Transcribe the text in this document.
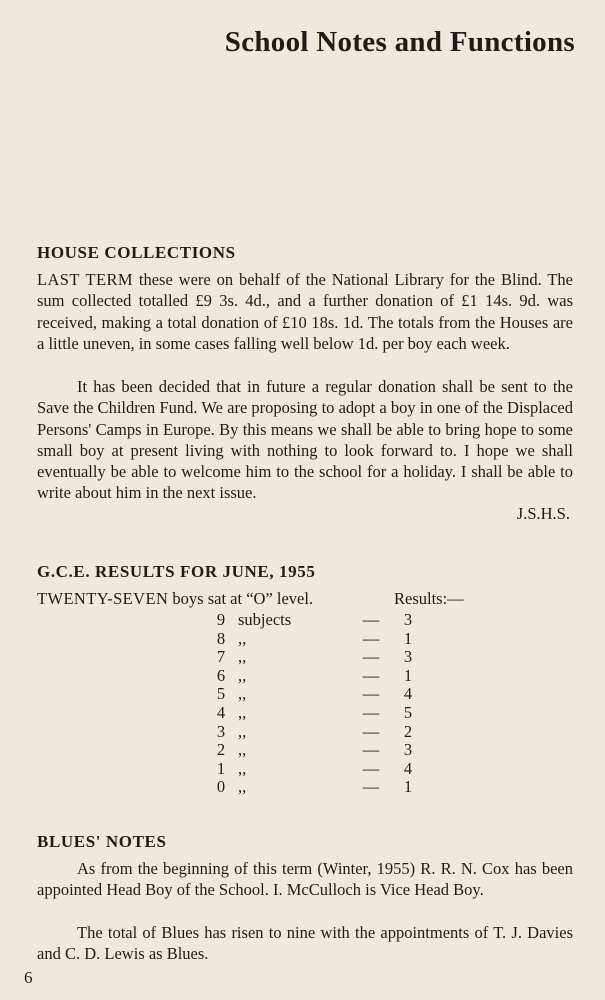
School Notes and Functions
HOUSE COLLECTIONS

LAST TERM these were on behalf of the National Library for the Blind. The sum collected totalled £9 3s. 4d., and a further donation of £1 14s. 9d. was received, making a total donation of £10 18s. 1d. The totals from the Houses are a little uneven, in some cases falling well below 1d. per boy each week.

It has been decided that in future a regular donation shall be sent to the Save the Children Fund. We are proposing to adopt a boy in one of the Displaced Persons' Camps in Europe. By this means we shall be able to bring hope to some small boy at present living with nothing to look forward to. I hope we shall eventually be able to welcome him to the school for a holiday. I shall be able to write about him in the next issue.

J.S.H.S.

G.C.E. RESULTS FOR JUNE, 1955

TWENTY-SEVEN boys sat at “O” level.	Results:—

9	subjects	—	3
8	,,	—	1
7	,,	—	3
6	,,	—	1
5	,,	—	4
4	,,	—	5
3	,,	—	2
2	,,	—	3
1	,,	—	4
0	,,	—	1
BLUES' NOTES

As from the beginning of this term (Winter, 1955) R. R. N. Cox has been appointed Head Boy of the School. I. McCulloch is Vice Head Boy.

The total of Blues has risen to nine with the appointments of T. J. Davies and C. D. Lewis as Blues.

6
